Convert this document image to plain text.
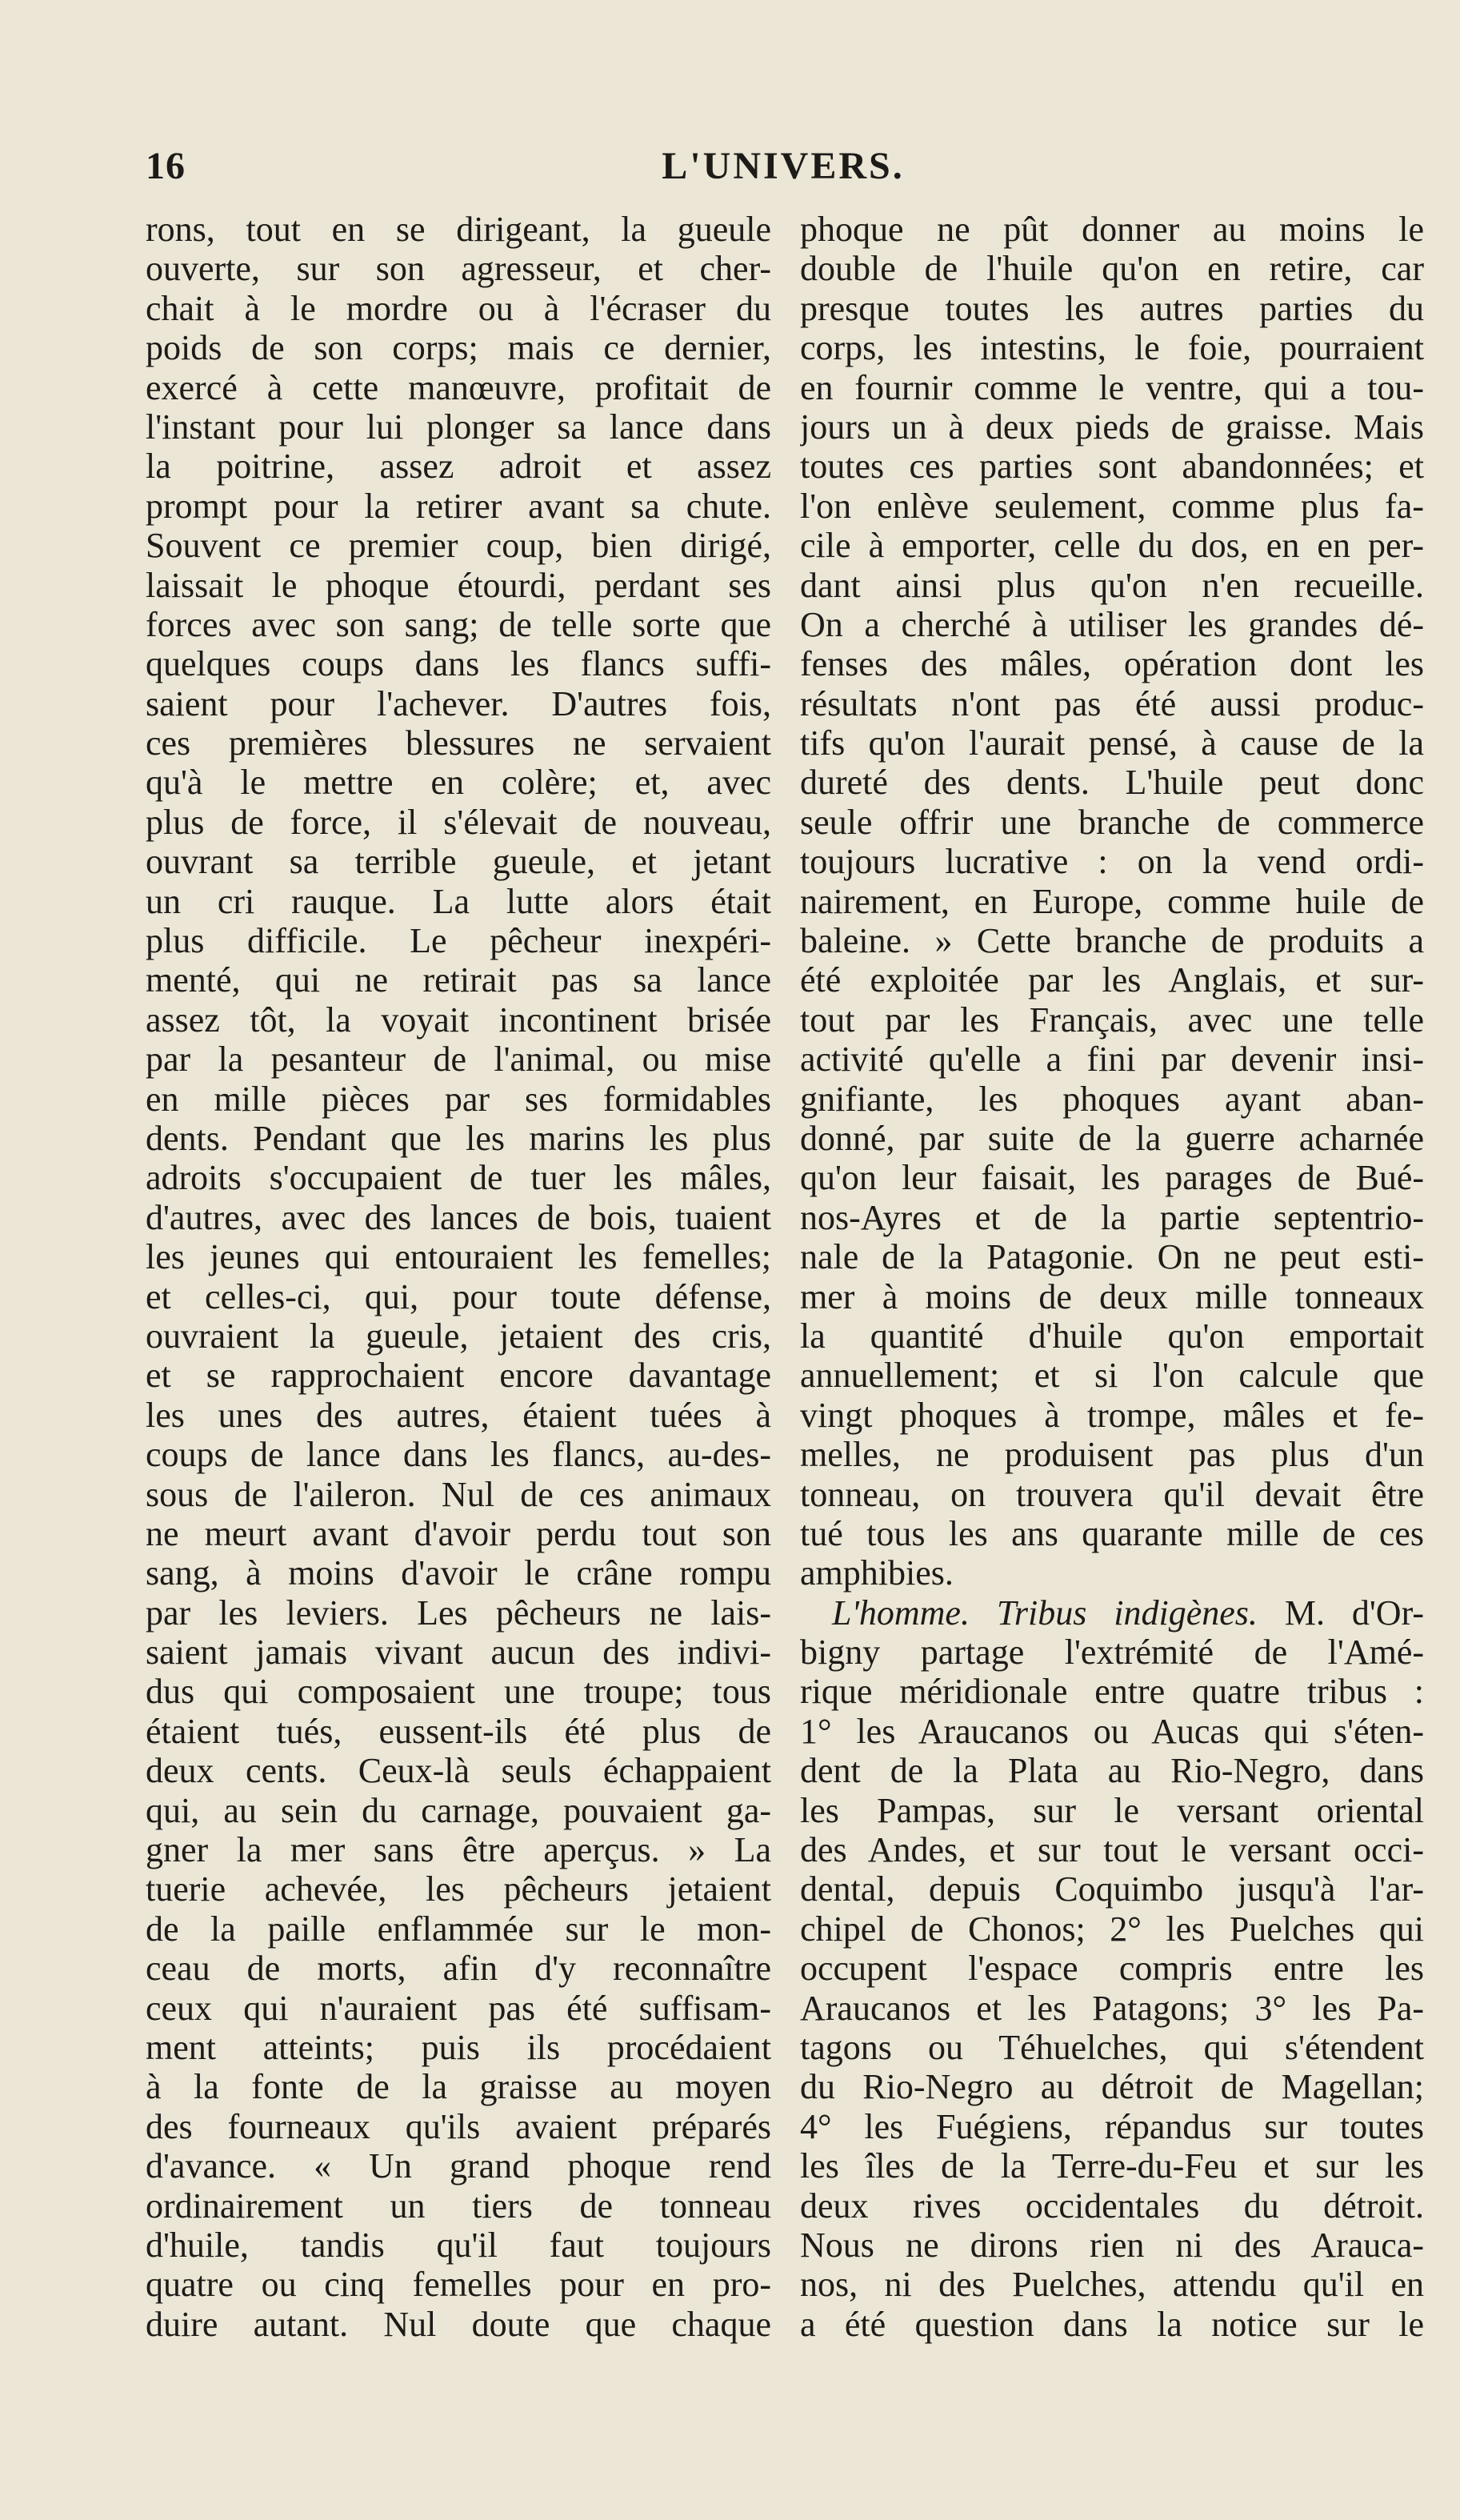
16	L'UNIVERS.
rons, tout en se dirigeant, la gueule
ouverte, sur son agresseur, et cher-
chait à le mordre ou à l'écraser du
poids de son corps; mais ce dernier,
exercé à cette manœuvre, profitait de
l'instant pour lui plonger sa lance dans
la poitrine, assez adroit et assez
prompt pour la retirer avant sa chute.
Souvent ce premier coup, bien dirigé,
laissait le phoque étourdi, perdant ses
forces avec son sang; de telle sorte que
quelques coups dans les flancs suffi-
saient pour l'achever. D'autres fois,
ces premières blessures ne servaient
qu'à le mettre en colère; et, avec
plus de force, il s'élevait de nouveau,
ouvrant sa terrible gueule, et jetant
un cri rauque. La lutte alors était
plus difficile. Le pêcheur inexpéri-
menté, qui ne retirait pas sa lance
assez tôt, la voyait incontinent brisée
par la pesanteur de l'animal, ou mise
en mille pièces par ses formidables
dents. Pendant que les marins les plus
adroits s'occupaient de tuer les mâles,
d'autres, avec des lances de bois, tuaient
les jeunes qui entouraient les femelles;
et celles-ci, qui, pour toute défense,
ouvraient la gueule, jetaient des cris,
et se rapprochaient encore davantage
les unes des autres, étaient tuées à
coups de lance dans les flancs, au-des-
sous de l'aileron. Nul de ces animaux
ne meurt avant d'avoir perdu tout son
sang, à moins d'avoir le crâne rompu
par les leviers. Les pêcheurs ne lais-
saient jamais vivant aucun des indivi-
dus qui composaient une troupe; tous
étaient tués, eussent-ils été plus de
deux cents. Ceux-là seuls échappaient
qui, au sein du carnage, pouvaient ga-
gner la mer sans être aperçus. » La
tuerie achevée, les pêcheurs jetaient
de la paille enflammée sur le mon-
ceau de morts, afin d'y reconnaître
ceux qui n'auraient pas été suffisam-
ment atteints; puis ils procédaient
à la fonte de la graisse au moyen
des fourneaux qu'ils avaient préparés
d'avance. « Un grand phoque rend
ordinairement un tiers de tonneau
d'huile, tandis qu'il faut toujours
quatre ou cinq femelles pour en pro-
duire autant. Nul doute que chaque
phoque ne pût donner au moins le
double de l'huile qu'on en retire, car
presque toutes les autres parties du
corps, les intestins, le foie, pourraient
en fournir comme le ventre, qui a tou-
jours un à deux pieds de graisse. Mais
toutes ces parties sont abandonnées; et
l'on enlève seulement, comme plus fa-
cile à emporter, celle du dos, en en per-
dant ainsi plus qu'on n'en recueille.
On a cherché à utiliser les grandes dé-
fenses des mâles, opération dont les
résultats n'ont pas été aussi produc-
tifs qu'on l'aurait pensé, à cause de la
dureté des dents. L'huile peut donc
seule offrir une branche de commerce
toujours lucrative : on la vend ordi-
nairement, en Europe, comme huile de
baleine. » Cette branche de produits a
été exploitée par les Anglais, et sur-
tout par les Français, avec une telle
activité qu'elle a fini par devenir insi-
gnifiante, les phoques ayant aban-
donné, par suite de la guerre acharnée
qu'on leur faisait, les parages de Bué-
nos-Ayres et de la partie septentrio-
nale de la Patagonie. On ne peut esti-
mer à moins de deux mille tonneaux
la quantité d'huile qu'on emportait
annuellement; et si l'on calcule que
vingt phoques à trompe, mâles et fe-
melles, ne produisent pas plus d'un
tonneau, on trouvera qu'il devait être
tué tous les ans quarante mille de ces
amphibies.
L'homme. Tribus indigènes. M. d'Or-
bigny partage l'extrémité de l'Amé-
rique méridionale entre quatre tribus :
1° les Araucanos ou Aucas qui s'éten-
dent de la Plata au Rio-Negro, dans
les Pampas, sur le versant oriental
des Andes, et sur tout le versant occi-
dental, depuis Coquimbo jusqu'à l'ar-
chipel de Chonos; 2° les Puelches qui
occupent l'espace compris entre les
Araucanos et les Patagons; 3° les Pa-
tagons ou Téhuelches, qui s'étendent
du Rio-Negro au détroit de Magellan;
4° les Fuégiens, répandus sur toutes
les îles de la Terre-du-Feu et sur les
deux rives occidentales du détroit.
Nous ne dirons rien ni des Arauca-
nos, ni des Puelches, attendu qu'il en
a été question dans la notice sur le
